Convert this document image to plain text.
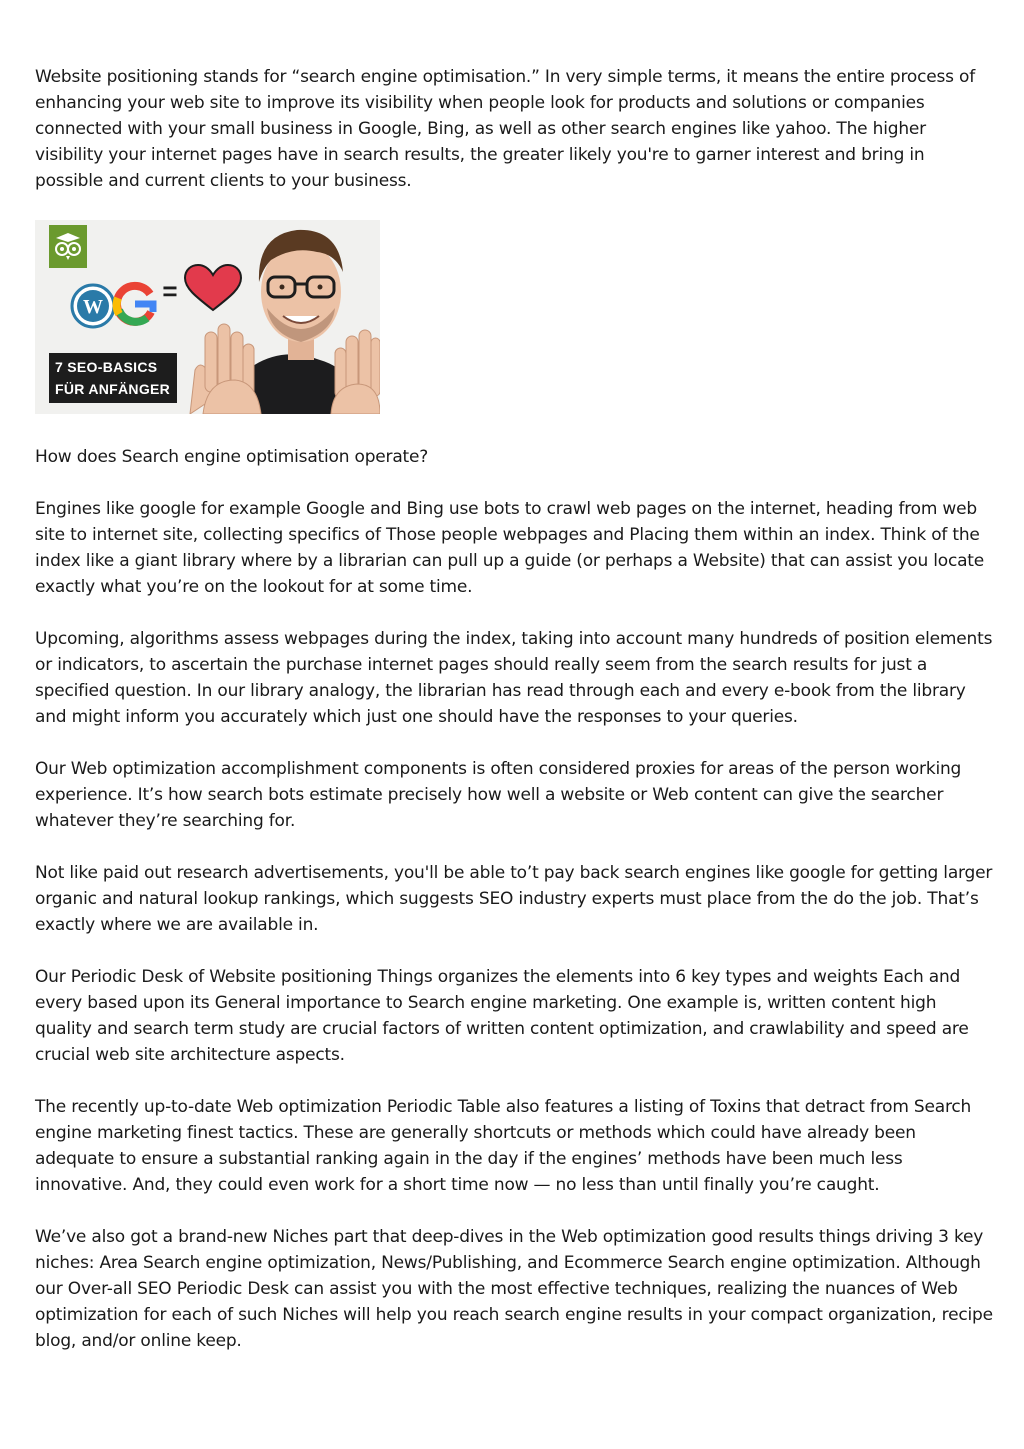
Website positioning stands for “search engine optimisation.” In very simple terms, it means the entire process of enhancing your web site to improve its visibility when people look for products and solutions or companies connected with your small business in Google, Bing, as well as other search engines like yahoo. The higher visibility your internet pages have in search results, the greater likely you're to garner interest and bring in possible and current clients to your business.

W
=
7 SEO-BASICS
FÜR ANFÄNGER

How does Search engine optimisation operate?

Engines like google for example Google and Bing use bots to crawl web pages on the internet, heading from web site to internet site, collecting specifics of Those people webpages and Placing them within an index. Think of the index like a giant library where by a librarian can pull up a guide (or perhaps a Website) that can assist you locate exactly what you’re on the lookout for at some time.

Upcoming, algorithms assess webpages during the index, taking into account many hundreds of position elements or indicators, to ascertain the purchase internet pages should really seem from the search results for just a specified question. In our library analogy, the librarian has read through each and every e-book from the library and might inform you accurately which just one should have the responses to your queries.

Our Web optimization accomplishment components is often considered proxies for areas of the person working experience. It’s how search bots estimate precisely how well a website or Web content can give the searcher whatever they’re searching for.

Not like paid out research advertisements, you'll be able to’t pay back search engines like google for getting larger organic and natural lookup rankings, which suggests SEO industry experts must place from the do the job. That’s exactly where we are available in.

Our Periodic Desk of Website positioning Things organizes the elements into 6 key types and weights Each and every based upon its General importance to Search engine marketing. One example is, written content high quality and search term study are crucial factors of written content optimization, and crawlability and speed are crucial web site architecture aspects.

The recently up-to-date Web optimization Periodic Table also features a listing of Toxins that detract from Search engine marketing finest tactics. These are generally shortcuts or methods which could have already been adequate to ensure a substantial ranking again in the day if the engines’ methods have been much less innovative. And, they could even work for a short time now — no less than until finally you’re caught.

We’ve also got a brand-new Niches part that deep-dives in the Web optimization good results things driving 3 key niches: Area Search engine optimization, News/Publishing, and Ecommerce Search engine optimization. Although our Over-all SEO Periodic Desk can assist you with the most effective techniques, realizing the nuances of Web optimization for each of such Niches will help you reach search engine results in your compact organization, recipe blog, and/or online keep.
